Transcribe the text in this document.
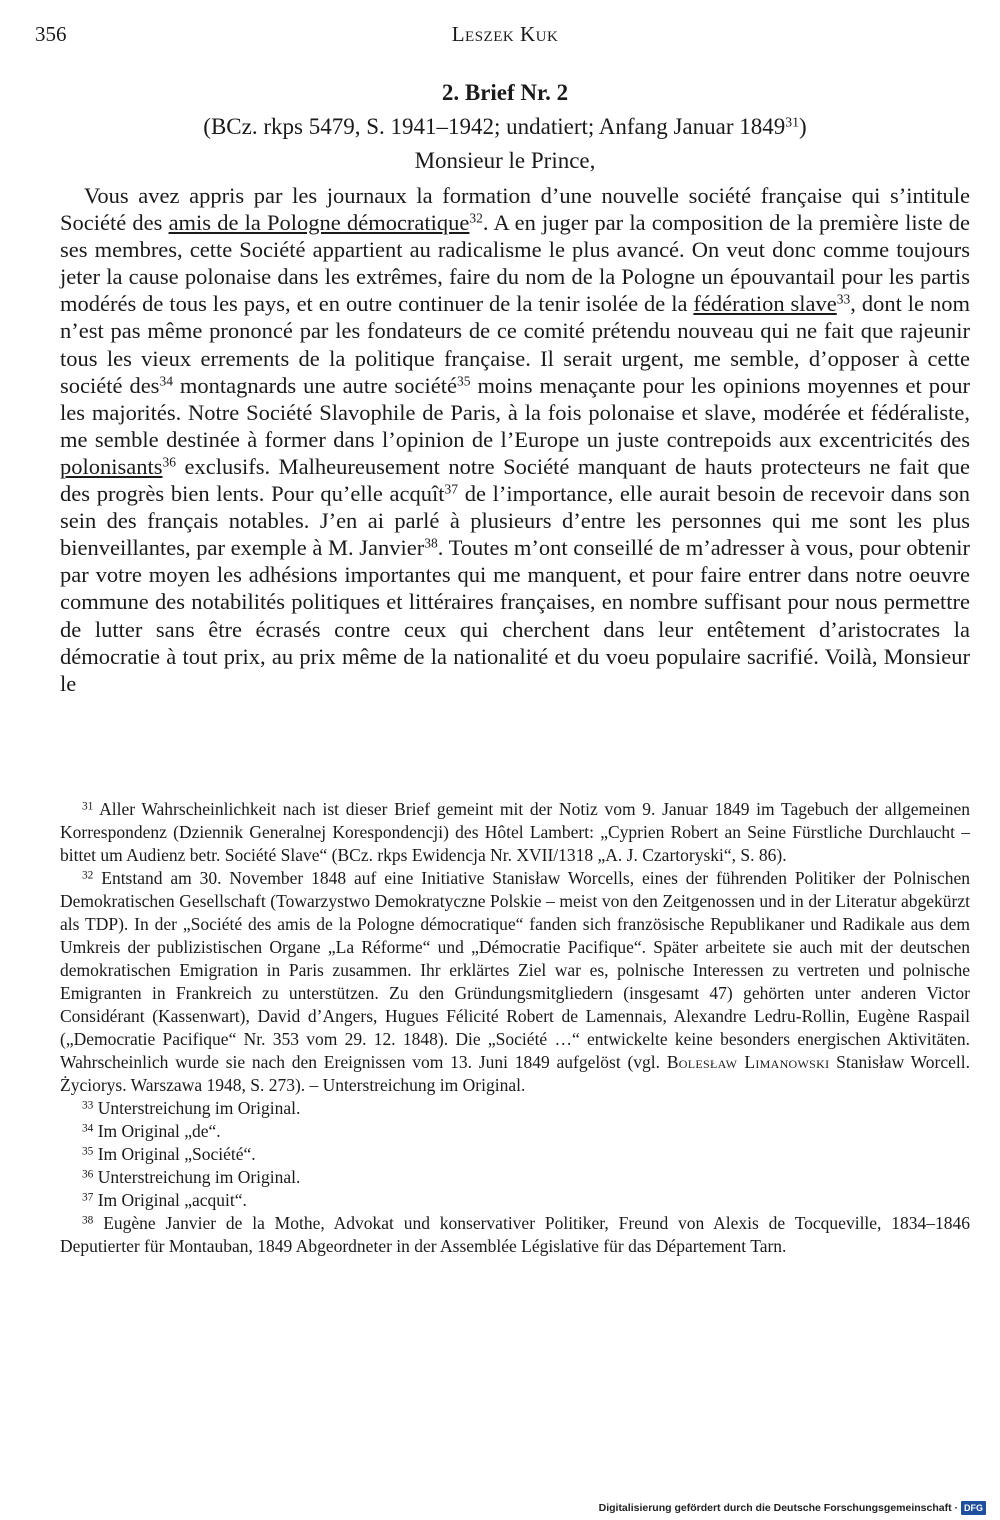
356	Leszek Kuk
2. Brief Nr. 2
(BCz. rkps 5479, S. 1941–1942; undatiert; Anfang Januar 1849$^{31}$)
Monsieur le Prince,

Vous avez appris par les journaux la formation d’une nouvelle société française qui s’intitule Société des amis de la Pologne démocratique$^{32}$. A en juger par la composition de la première liste de ses membres, cette Société appartient au radicalisme le plus avancé. On veut donc comme toujours jeter la cause polonaise dans les extrêmes, faire du nom de la Pologne un épouvantail pour les partis modérés de tous les pays, et en outre continuer de la tenir isolée de la fédération slave$^{33}$, dont le nom n’est pas même prononcé par les fondateurs de ce comité prétendu nouveau qui ne fait que rajeunir tous les vieux errements de la politique française. Il serait urgent, me semble, d’opposer à cette société des$^{34}$ montagnards une autre société$^{35}$ moins menaçante pour les opinions moyennes et pour les majorités. Notre Société Slavophile de Paris, à la fois polonaise et slave, modérée et fédéraliste, me semble destinée à former dans l’opinion de l’Europe un juste contrepoids aux excentricités des polonisants$^{36}$ exclusifs. Malheureusement notre Société manquant de hauts protecteurs ne fait que des progrès bien lents. Pour qu’elle acquît$^{37}$ de l’importance, elle aurait besoin de recevoir dans son sein des français notables. J’en ai parlé à plusieurs d’entre les personnes qui me sont les plus bienveillantes, par exemple à M. Janvier$^{38}$. Toutes m’ont conseillé de m’adresser à vous, pour obtenir par votre moyen les adhésions importantes qui me manquent, et pour faire entrer dans notre oeuvre commune des notabilités politiques et littéraires françaises, en nombre suffisant pour nous permettre de lutter sans être écrasés contre ceux qui cherchent dans leur entêtement d’aristocrates la démocratie à tout prix, au prix même de la nationalité et du voeu populaire sacrifié. Voilà, Monsieur le

$^{31}$ Aller Wahrscheinlichkeit nach ist dieser Brief gemeint mit der Notiz vom 9. Januar 1849 im Tagebuch der allgemeinen Korrespondenz (Dziennik Generalnej Korespondencji) des Hôtel Lambert: „Cyprien Robert an Seine Fürstliche Durchlaucht – bittet um Audienz betr. Société Slave“ (BCz. rkps Ewidencja Nr. XVII/1318 „A. J. Czartoryski“, S. 86).

$^{32}$ Entstand am 30. November 1848 auf eine Initiative Stanisław Worcells, eines der führenden Politiker der Polnischen Demokratischen Gesellschaft (Towarzystwo Demokratyczne Polskie – meist von den Zeitgenossen und in der Literatur abgekürzt als TDP). In der „Société des amis de la Pologne démocratique“ fanden sich französische Republikaner und Radikale aus dem Umkreis der publizistischen Organe „La Réforme“ und „Démocratie Pacifique“. Später arbeitete sie auch mit der deutschen demokratischen Emigration in Paris zusammen. Ihr erklärtes Ziel war es, polnische Interessen zu vertreten und polnische Emigranten in Frankreich zu unterstützen. Zu den Gründungsmitgliedern (insgesamt 47) gehörten unter anderen Victor Considérant (Kassenwart), David d’Angers, Hugues Félicité Robert de Lamennais, Alexandre Ledru-Rollin, Eugène Raspail („Democratie Pacifique“ Nr. 353 vom 29. 12. 1848). Die „Société …“ entwickelte keine besonders energischen Aktivitäten. Wahrscheinlich wurde sie nach den Ereignissen vom 13. Juni 1849 aufgelöst (vgl. Bolesław Limanowski Stanisław Worcell. Życiorys. Warszawa 1948, S. 273). – Unterstreichung im Original.

$^{33}$ Unterstreichung im Original.

$^{34}$ Im Original „de“.

$^{35}$ Im Original „Société“.

$^{36}$ Unterstreichung im Original.

$^{37}$ Im Original „acquit“.

$^{38}$ Eugène Janvier de la Mothe, Advokat und konservativer Politiker, Freund von Alexis de Tocqueville, 1834–1846 Deputierter für Montauban, 1849 Abgeordneter in der Assemblée Législative für das Département Tarn.

Digitalisierung gefördert durch die Deutsche Forschungsgemeinschaft · DFG
